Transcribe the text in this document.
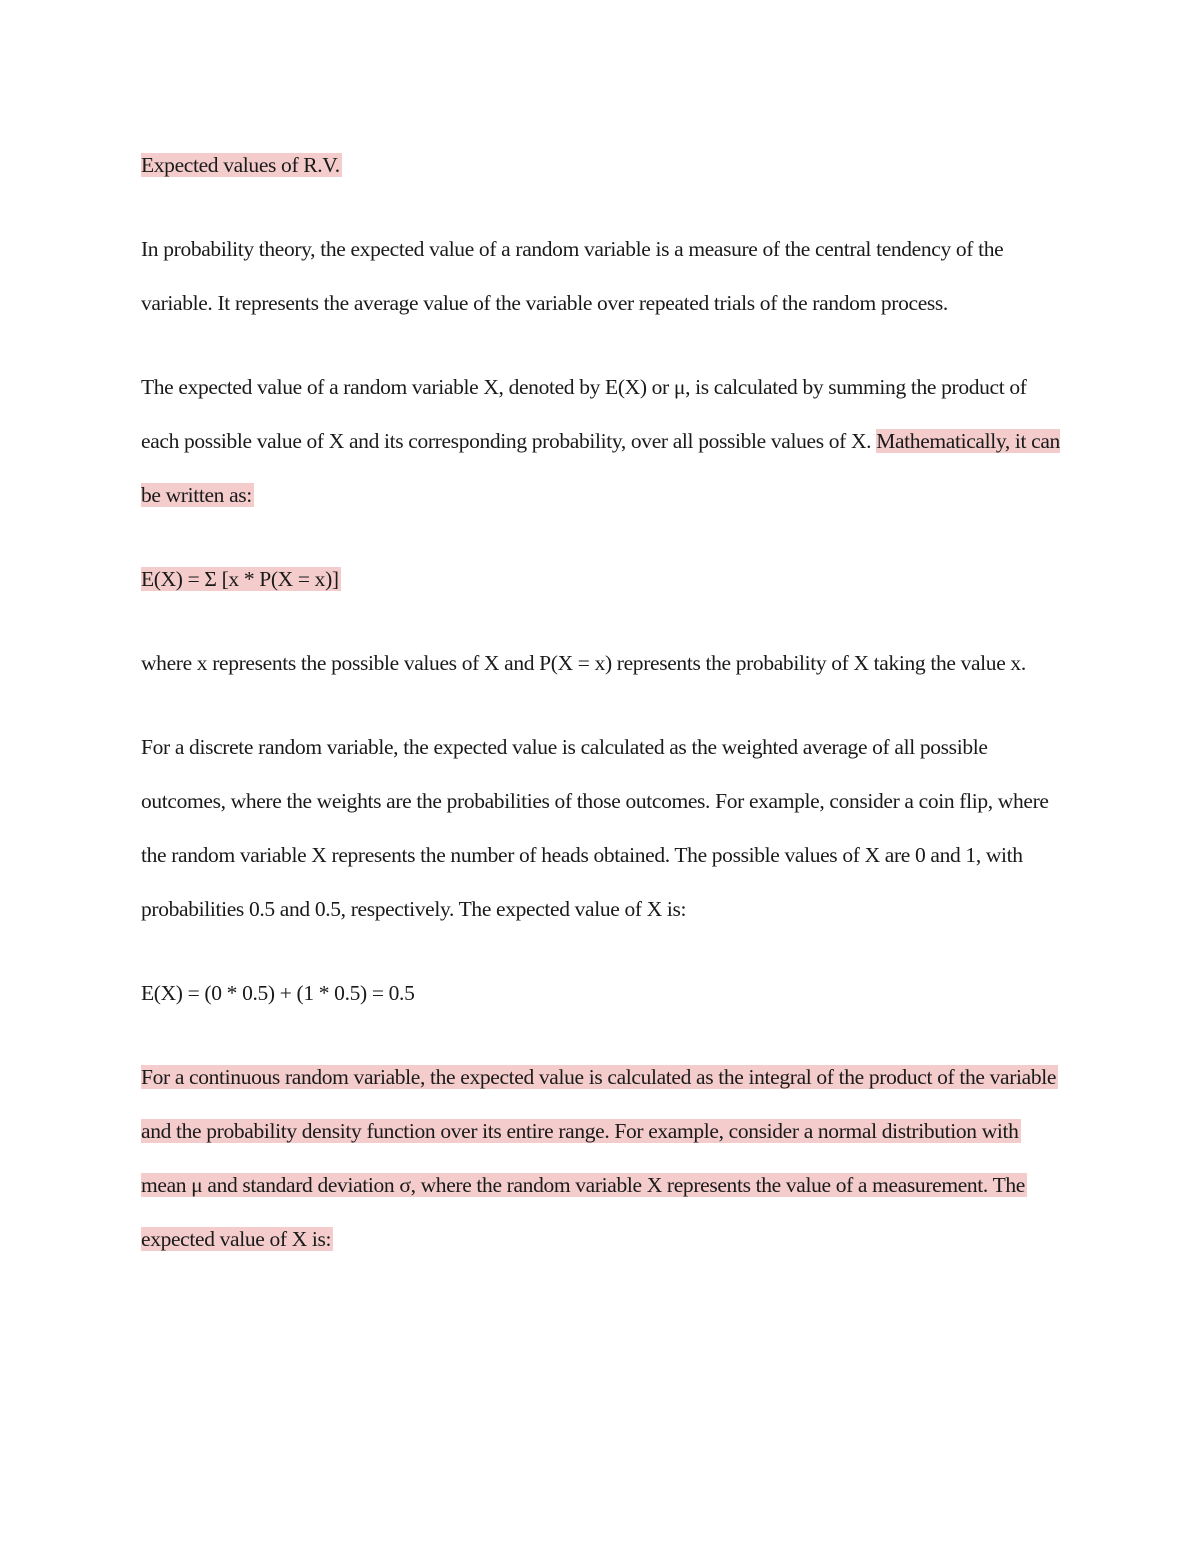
Expected values of R.V.

In probability theory, the expected value of a random variable is a measure of the central tendency of the variable. It represents the average value of the variable over repeated trials of the random process.

The expected value of a random variable X, denoted by E(X) or μ, is calculated by summing the product of each possible value of X and its corresponding probability, over all possible values of X. Mathematically, it can be written as:

E(X) = Σ [x * P(X = x)]

where x represents the possible values of X and P(X = x) represents the probability of X taking the value x.

For a discrete random variable, the expected value is calculated as the weighted average of all possible outcomes, where the weights are the probabilities of those outcomes. For example, consider a coin flip, where the random variable X represents the number of heads obtained. The possible values of X are 0 and 1, with probabilities 0.5 and 0.5, respectively. The expected value of X is:

E(X) = (0 * 0.5) + (1 * 0.5) = 0.5

For a continuous random variable, the expected value is calculated as the integral of the product of the variable and the probability density function over its entire range. For example, consider a normal distribution with mean μ and standard deviation σ, where the random variable X represents the value of a measurement. The expected value of X is:
